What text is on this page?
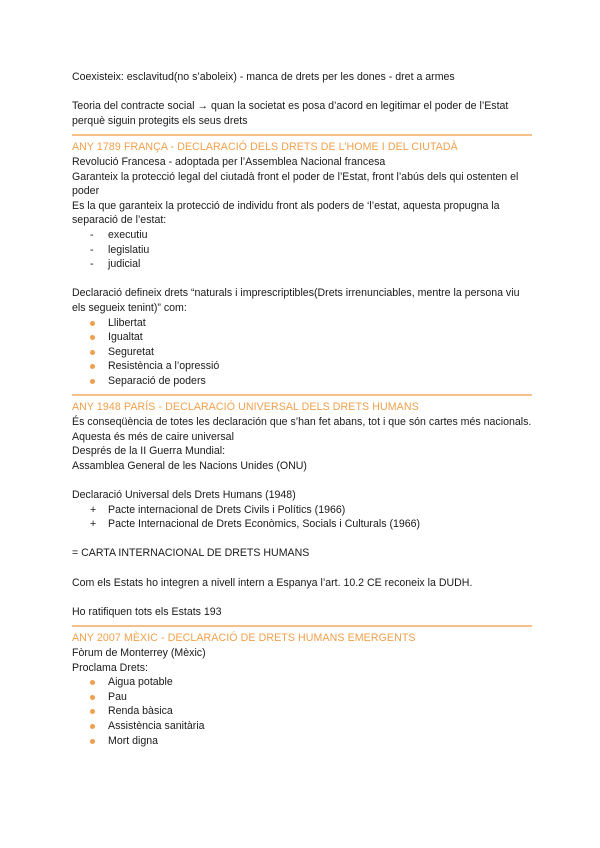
Coexisteix: esclavitud(no s’aboleix) - manca de drets per les dones - dret a armes

Teoria del contracte social → quan la societat es posa d’acord en legitimar el poder de l’Estat perquè siguin protegits els seus drets

ANY 1789 FRANÇA - DECLARACIÓ DELS DRETS DE L’HOME I DEL CIUTADÀ

Revolució Francesa - adoptada per l’Assemblea Nacional francesa

Garanteix la protecció legal del ciutadà front el poder de l’Estat, front l’abús dels qui ostenten el poder

Es la que garanteix la protecció de individu front als poders de ‘l’estat, aquesta propugna la separació de l’estat:

- executiu
- legislatiu
- judicial

Declaració defineix drets “naturals i imprescriptibles(Drets irrenunciables, mentre la persona viu els segueix tenint)” com:

Llibertat
Igualtat
Seguretat
Resistència a l’opressió
Separació de poders

ANY 1948 PARÍS - DECLARACIÓ UNIVERSAL DELS DRETS HUMANS

És conseqüència de totes les declaración que s’han fet abans, tot i que són cartes més nacionals. Aquesta és més de caire universal

Després de la II Guerra Mundial:

Assamblea General de les Nacions Unides (ONU)

Declaració Universal dels Drets Humans (1948)

+ Pacte internacional de Drets Civils i Polítics (1966)
+ Pacte Internacional de Drets Econòmics, Socials i Culturals (1966)

= CARTA INTERNACIONAL DE DRETS HUMANS

Com els Estats ho integren a nivell intern a Espanya l’art. 10.2 CE reconeix la DUDH.

Ho ratifiquen tots els Estats 193

ANY 2007 MÈXIC - DECLARACIÓ DE DRETS HUMANS EMERGENTS

Fòrum de Monterrey (Mèxic)

Proclama Drets:

Aigua potable
Pau
Renda bàsica
Assistència sanitària
Mort digna
